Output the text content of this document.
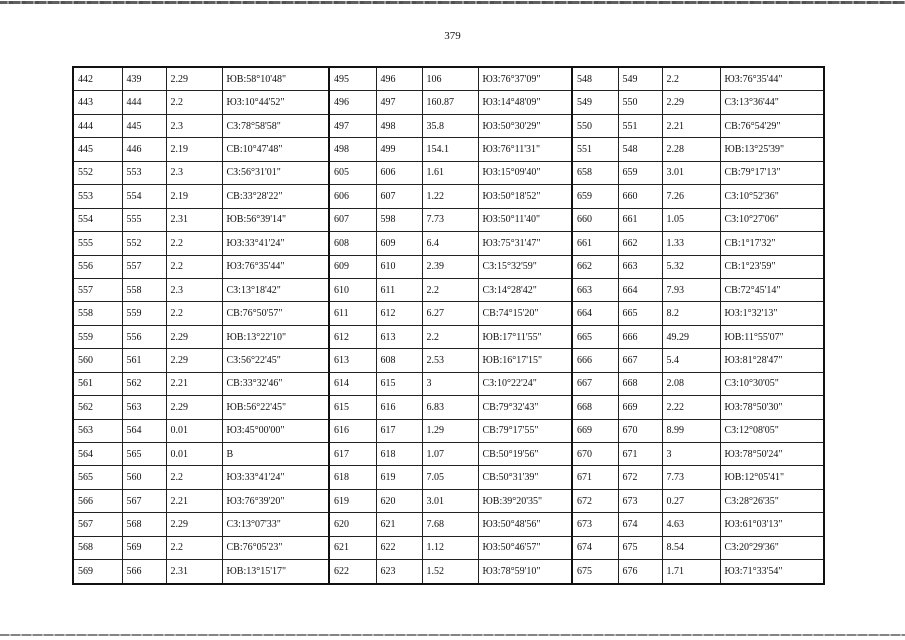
379
442	439	2.29	ЮВ:58°10'48"	495	496	106	ЮЗ:76°37'09"	548	549	2.2	ЮЗ:76°35'44"
443	444	2.2	ЮЗ:10°44'52"	496	497	160.87	ЮЗ:14°48'09"	549	550	2.29	СЗ:13°36'44"
444	445	2.3	СЗ:78°58'58"	497	498	35.8	ЮЗ:50°30'29"	550	551	2.21	СВ:76°54'29"
445	446	2.19	СВ:10°47'48"	498	499	154.1	ЮЗ:76°11'31"	551	548	2.28	ЮВ:13°25'39"
552	553	2.3	СЗ:56°31'01"	605	606	1.61	ЮЗ:15°09'40"	658	659	3.01	СВ:79°17'13"
553	554	2.19	СВ:33°28'22"	606	607	1.22	ЮЗ:50°18'52"	659	660	7.26	СЗ:10°52'36"
554	555	2.31	ЮВ:56°39'14"	607	598	7.73	ЮЗ:50°11'40"	660	661	1.05	СЗ:10°27'06"
555	552	2.2	ЮЗ:33°41'24"	608	609	6.4	ЮЗ:75°31'47"	661	662	1.33	СВ:1°17'32"
556	557	2.2	ЮЗ:76°35'44"	609	610	2.39	СЗ:15°32'59"	662	663	5.32	СВ:1°23'59"
557	558	2.3	СЗ:13°18'42"	610	611	2.2	СЗ:14°28'42"	663	664	7.93	СВ:72°45'14"
558	559	2.2	СВ:76°50'57"	611	612	6.27	СВ:74°15'20"	664	665	8.2	ЮЗ:1°32'13"
559	556	2.29	ЮВ:13°22'10"	612	613	2.2	ЮВ:17°11'55"	665	666	49.29	ЮВ:11°55'07"
560	561	2.29	СЗ:56°22'45"	613	608	2.53	ЮВ:16°17'15"	666	667	5.4	ЮЗ:81°28'47"
561	562	2.21	СВ:33°32'46"	614	615	3	СЗ:10°22'24"	667	668	2.08	СЗ:10°30'05"
562	563	2.29	ЮВ:56°22'45"	615	616	6.83	СВ:79°32'43"	668	669	2.22	ЮЗ:78°50'30"
563	564	0.01	ЮЗ:45°00'00"	616	617	1.29	СВ:79°17'55"	669	670	8.99	СЗ:12°08'05"
564	565	0.01	В	617	618	1.07	СВ:50°19'56"	670	671	3	ЮЗ:78°50'24"
565	560	2.2	ЮЗ:33°41'24"	618	619	7.05	СВ:50°31'39"	671	672	7.73	ЮВ:12°05'41"
566	567	2.21	ЮЗ:76°39'20"	619	620	3.01	ЮВ:39°20'35"	672	673	0.27	СЗ:28°26'35"
567	568	2.29	СЗ:13°07'33"	620	621	7.68	ЮЗ:50°48'56"	673	674	4.63	ЮЗ:61°03'13"
568	569	2.2	СВ:76°05'23"	621	622	1.12	ЮЗ:50°46'57"	674	675	8.54	СЗ:20°29'36"
569	566	2.31	ЮВ:13°15'17"	622	623	1.52	ЮЗ:78°59'10"	675	676	1.71	ЮЗ:71°33'54"
